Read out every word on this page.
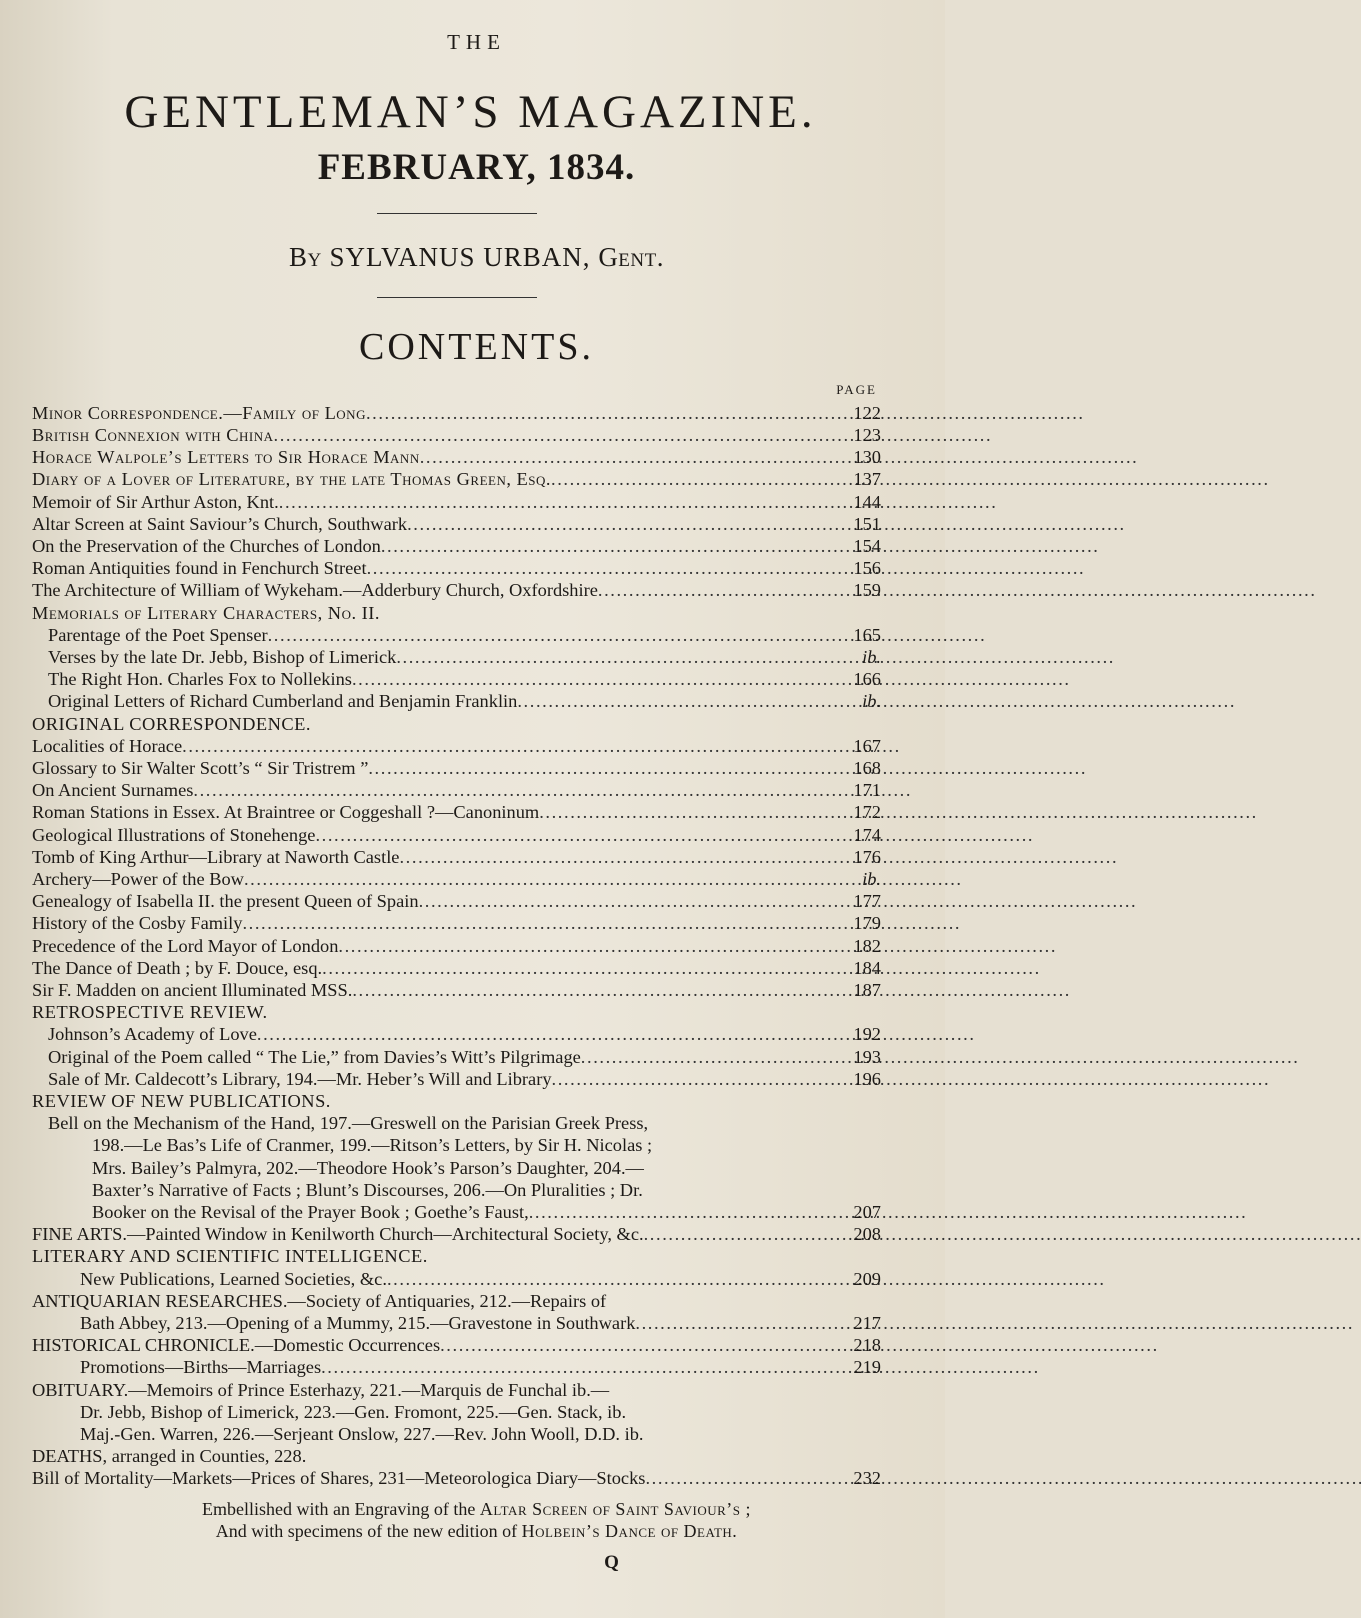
THE
GENTLEMAN’S MAGAZINE.
FEBRUARY, 1834.
By SYLVANUS URBAN, Gent.
CONTENTS.
PAGE
Minor Correspondence.—Family of Long . . .	122
British Connexion with China . . .	123
Horace Walpole’s Letters to Sir Horace Mann . . .	130
Diary of a Lover of Literature, by the late Thomas Green, Esq. . . .	137
Memoir of Sir Arthur Aston, Knt. . . .	144
Altar Screen at Saint Saviour’s Church, Southwark . . .	151
On the Preservation of the Churches of London . . .	154
Roman Antiquities found in Fenchurch Street . . .	156
The Architecture of William of Wykeham.—Adderbury Church, Oxfordshire . . .	159
Memorials of Literary Characters, No. II.
Parentage of the Poet Spenser . . .	165
Verses by the late Dr. Jebb, Bishop of Limerick . . .	ib.
The Right Hon. Charles Fox to Nollekins . . .	166
Original Letters of Richard Cumberland and Benjamin Franklin . . .	ib.
ORIGINAL CORRESPONDENCE.
Localities of Horace . . .	167
Glossary to Sir Walter Scott’s “ Sir Tristrem ” . . .	168
On Ancient Surnames . . .	171
Roman Stations in Essex. At Braintree or Coggeshall ?—Canoninum . . .	172
Geological Illustrations of Stonehenge . . .	174
Tomb of King Arthur—Library at Naworth Castle . . .	176
Archery—Power of the Bow . . .	ib.
Genealogy of Isabella II. the present Queen of Spain . . .	177
History of the Cosby Family . . .	179
Precedence of the Lord Mayor of London . . .	182
The Dance of Death ; by F. Douce, esq. . . .	184
Sir F. Madden on ancient Illuminated MSS. . . .	187
RETROSPECTIVE REVIEW.
Johnson’s Academy of Love . . .	192
Original of the Poem called “ The Lie,” from Davies’s Witt’s Pilgrimage . . .	193
Sale of Mr. Caldecott’s Library, 194.—Mr. Heber’s Will and Library . . .	196
REVIEW OF NEW PUBLICATIONS.
Bell on the Mechanism of the Hand, 197.—Greswell on the Parisian Greek Press,
198.—Le Bas’s Life of Cranmer, 199.—Ritson’s Letters, by Sir H. Nicolas ;
Mrs. Bailey’s Palmyra, 202.—Theodore Hook’s Parson’s Daughter, 204.—
Baxter’s Narrative of Facts ; Blunt’s Discourses, 206.—On Pluralities ; Dr.
Booker on the Revisal of the Prayer Book ; Goethe’s Faust, . . .	207
FINE ARTS.—Painted Window in Kenilworth Church—Architectural Society, &c. . . .	208
LITERARY AND SCIENTIFIC INTELLIGENCE.
New Publications, Learned Societies, &c. . . .	209
ANTIQUARIAN RESEARCHES.—Society of Antiquaries, 212.—Repairs of
Bath Abbey, 213.—Opening of a Mummy, 215.—Gravestone in Southwark . . .	217
HISTORICAL CHRONICLE.—Domestic Occurrences . . .	218
Promotions—Births—Marriages . . .	219
OBITUARY.—Memoirs of Prince Esterhazy, 221.—Marquis de Funchal ib.—
Dr. Jebb, Bishop of Limerick, 223.—Gen. Fromont, 225.—Gen. Stack, ib.
Maj.-Gen. Warren, 226.—Serjeant Onslow, 227.—Rev. John Wooll, D.D. ib.
DEATHS, arranged in Counties, 228.
Bill of Mortality—Markets—Prices of Shares, 231—Meteorologica Diary—Stocks . . .	232
Embellished with an Engraving of the Altar Screen of Saint Saviour’s ;
And with specimens of the new edition of Holbein’s Dance of Death.
Q
